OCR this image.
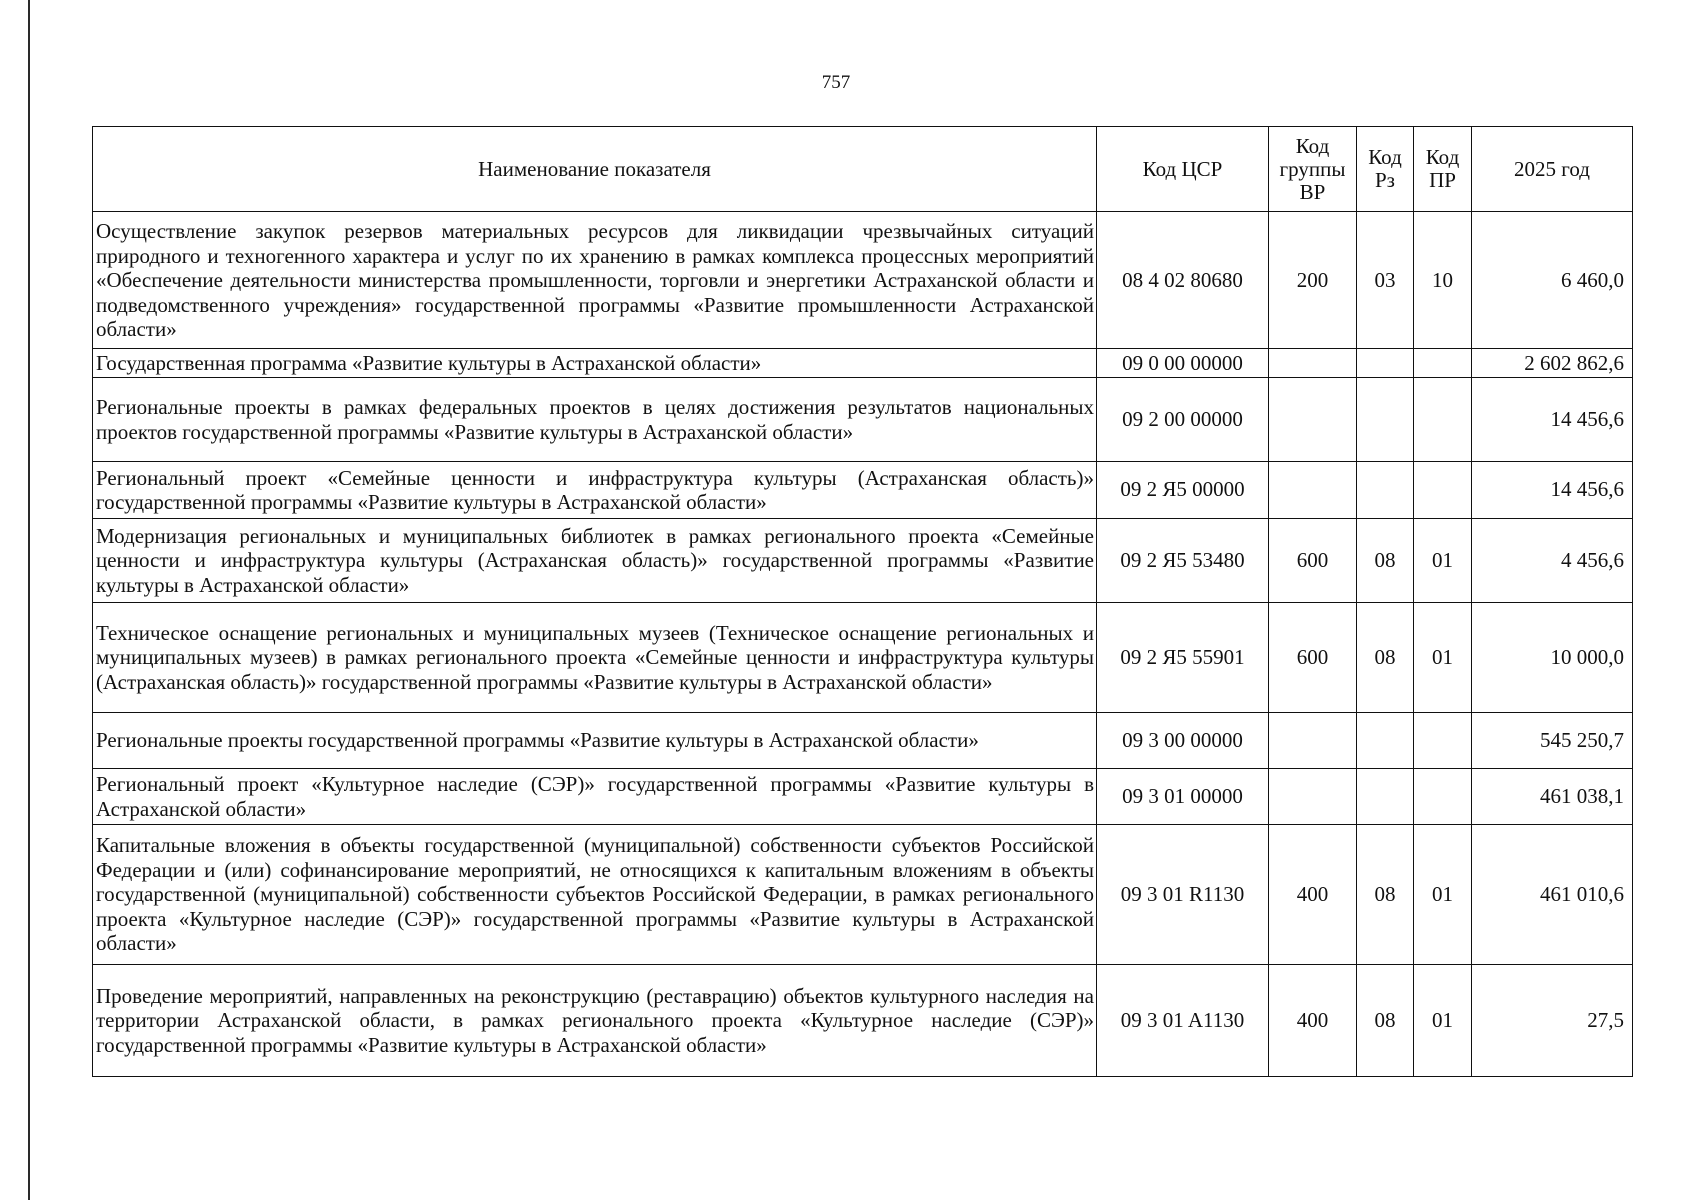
757
Наименование показателя	Код ЦСР	Код группы ВР	Код Рз	Код ПР	2025 год
Осуществление закупок резервов материальных ресурсов для ликвидации чрезвычайных ситуаций природного и техногенного характера и услуг по их хранению в рамках комплекса процессных мероприятий «Обеспечение деятельности министерства промышленности, торговли и энергетики Астраханской области и подведомственного учреждения» государственной программы «Развитие промышленности Астраханской области»	08 4 02 80680	200	03	10	6 460,0
Государственная программа «Развитие культуры в Астраханской области»	09 0 00 00000				2 602 862,6
Региональные проекты в рамках федеральных проектов в целях достижения результатов национальных проектов государственной программы «Развитие культуры в Астраханской области»	09 2 00 00000				14 456,6
Региональный проект «Семейные ценности и инфраструктура культуры (Астраханская область)» государственной программы «Развитие культуры в Астраханской области»	09 2 Я5 00000				14 456,6
Модернизация региональных и муниципальных библиотек в рамках регионального проекта «Семейные ценности и инфраструктура культуры (Астраханская область)» государственной программы «Развитие культуры в Астраханской области»	09 2 Я5 53480	600	08	01	4 456,6
Техническое оснащение региональных и муниципальных музеев (Техническое оснащение региональных и муниципальных музеев) в рамках регионального проекта «Семейные ценности и инфраструктура культуры (Астраханская область)» государственной программы «Развитие культуры в Астраханской области»	09 2 Я5 55901	600	08	01	10 000,0
Региональные проекты государственной программы «Развитие культуры в Астраханской области»	09 3 00 00000				545 250,7
Региональный проект «Культурное наследие (СЭР)» государственной программы «Развитие культуры в Астраханской области»	09 3 01 00000				461 038,1
Капитальные вложения в объекты государственной (муниципальной) собственности субъектов Российской Федерации и (или) софинансирование мероприятий, не относящихся к капитальным вложениям в объекты государственной (муниципальной) собственности субъектов Российской Федерации, в рамках регионального проекта «Культурное наследие (СЭР)» государственной программы «Развитие культуры в Астраханской области»	09 3 01 R1130	400	08	01	461 010,6
Проведение мероприятий, направленных на реконструкцию (реставрацию) объектов культурного наследия на территории Астраханской области, в рамках регионального проекта «Культурное наследие (СЭР)» государственной программы «Развитие культуры в Астраханской области»	09 3 01 A1130	400	08	01	27,5
